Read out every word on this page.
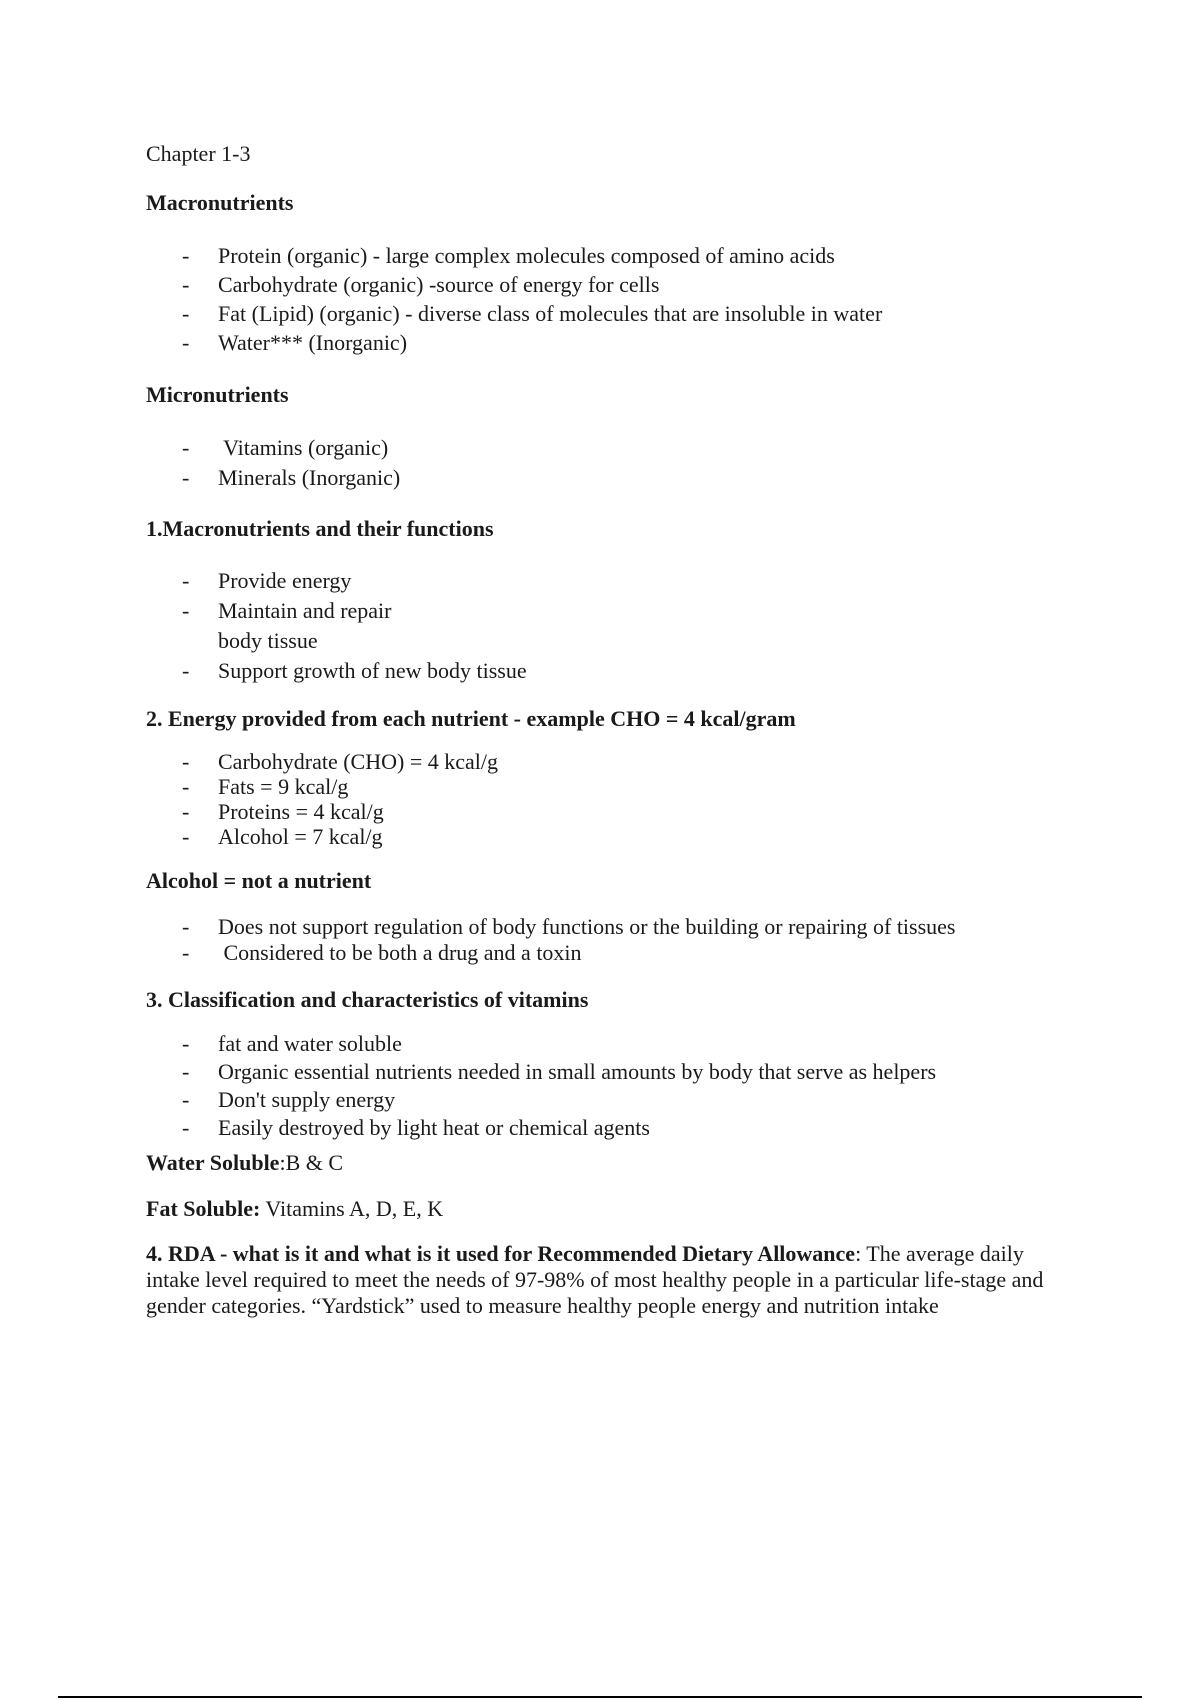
Chapter 1-3

Macronutrients

- Protein (organic) - large complex molecules composed of amino acids
- Carbohydrate (organic) -source of energy for cells
- Fat (Lipid) (organic) - diverse class of molecules that are insoluble in water
- Water*** (Inorganic)

Micronutrients

- Vitamins (organic)
- Minerals (Inorganic)

1.Macronutrients and their functions

- Provide energy
- Maintain and repair
body tissue
- Support growth of new body tissue

2. Energy provided from each nutrient - example CHO = 4 kcal/gram

- Carbohydrate (CHO) = 4 kcal/g
- Fats = 9 kcal/g
- Proteins = 4 kcal/g
- Alcohol = 7 kcal/g

Alcohol = not a nutrient

- Does not support regulation of body functions or the building or repairing of tissues
- Considered to be both a drug and a toxin

3. Classification and characteristics of vitamins

- fat and water soluble
- Organic essential nutrients needed in small amounts by body that serve as helpers
- Don't supply energy
- Easily destroyed by light heat or chemical agents

Water Soluble:B & C

Fat Soluble: Vitamins A, D, E, K

4. RDA - what is it and what is it used for Recommended Dietary Allowance: The average daily intake level required to meet the needs of 97-98% of most healthy people in a particular life-stage and gender categories. “Yardstick” used to measure healthy people energy and nutrition intake
